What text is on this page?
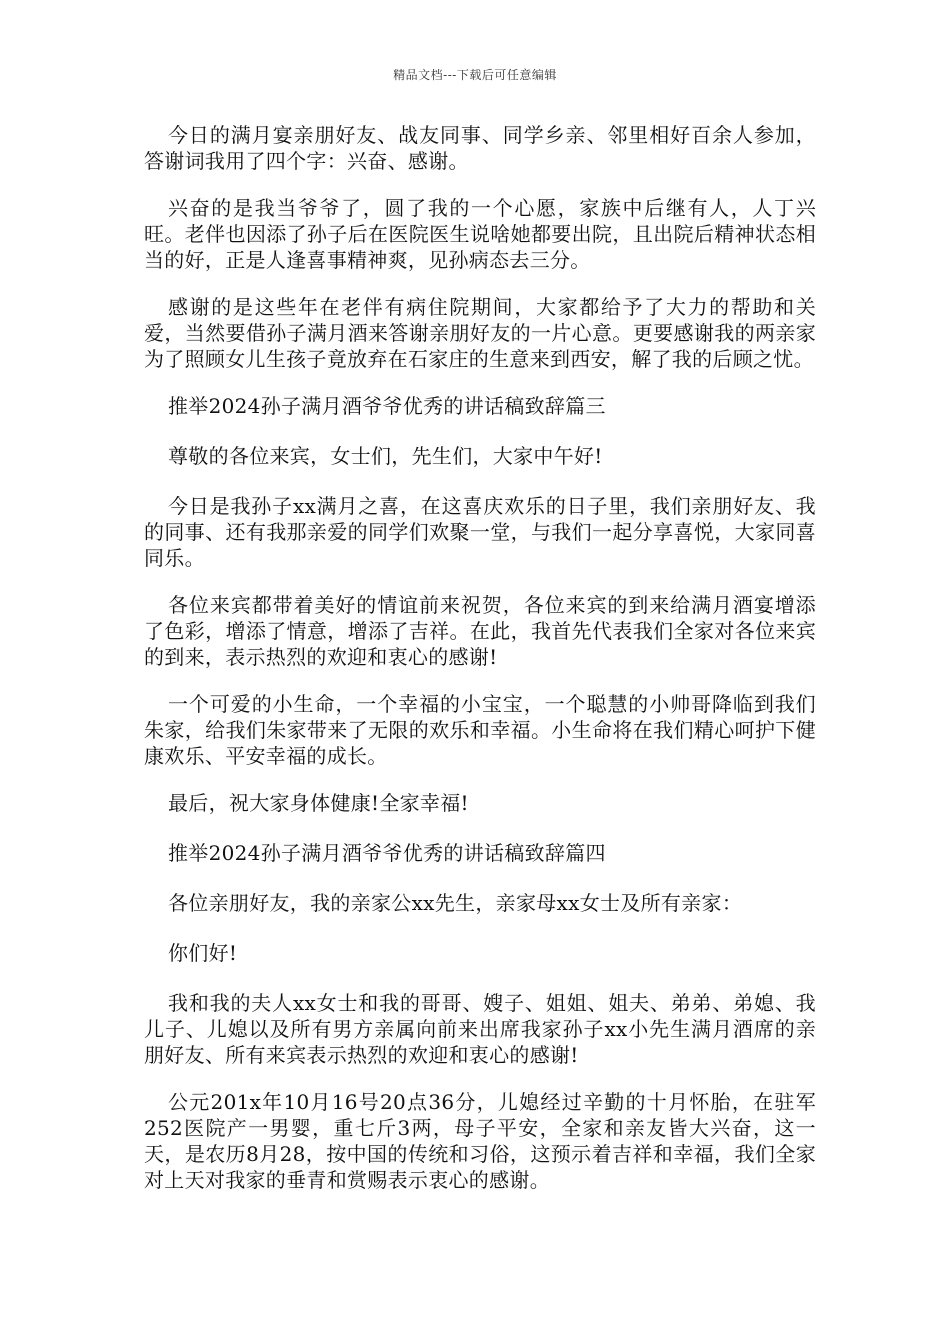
精品文档---下载后可任意编辑

今日的满月宴亲朋好友、战友同事、同学乡亲、邻里相好百余人参加，答谢词我用了四个字：兴奋、感谢。

兴奋的是我当爷爷了，圆了我的一个心愿，家族中后继有人，人丁兴旺。老伴也因添了孙子后在医院医生说啥她都要出院，且出院后精神状态相当的好，正是人逢喜事精神爽，见孙病态去三分。

感谢的是这些年在老伴有病住院期间，大家都给予了大力的帮助和关爱，当然要借孙子满月酒来答谢亲朋好友的一片心意。更要感谢我的两亲家为了照顾女儿生孩子竟放弃在石家庄的生意来到西安，解了我的后顾之忧。

推举2024孙子满月酒爷爷优秀的讲话稿致辞篇三

尊敬的各位来宾，女士们，先生们，大家中午好!

今日是我孙子xx满月之喜，在这喜庆欢乐的日子里，我们亲朋好友、我的同事、还有我那亲爱的同学们欢聚一堂，与我们一起分享喜悦，大家同喜同乐。

各位来宾都带着美好的情谊前来祝贺，各位来宾的到来给满月酒宴增添了色彩，增添了情意，增添了吉祥。在此，我首先代表我们全家对各位来宾的到来，表示热烈的欢迎和衷心的感谢!

一个可爱的小生命，一个幸福的小宝宝，一个聪慧的小帅哥降临到我们朱家，给我们朱家带来了无限的欢乐和幸福。小生命将在我们精心呵护下健康欢乐、平安幸福的成长。

最后，祝大家身体健康!全家幸福!

推举2024孙子满月酒爷爷优秀的讲话稿致辞篇四

各位亲朋好友，我的亲家公xx先生，亲家母xx女士及所有亲家：

你们好!

我和我的夫人xx女士和我的哥哥、嫂子、姐姐、姐夫、弟弟、弟媳、我儿子、儿媳以及所有男方亲属向前来出席我家孙子xx小先生满月酒席的亲朋好友、所有来宾表示热烈的欢迎和衷心的感谢!

公元201x年10月16号20点36分，儿媳经过辛勤的十月怀胎，在驻军252医院产一男婴，重七斤3两，母子平安，全家和亲友皆大兴奋，这一天，是农历8月28，按中国的传统和习俗，这预示着吉祥和幸福，我们全家对上天对我家的垂青和赏赐表示衷心的感谢。
